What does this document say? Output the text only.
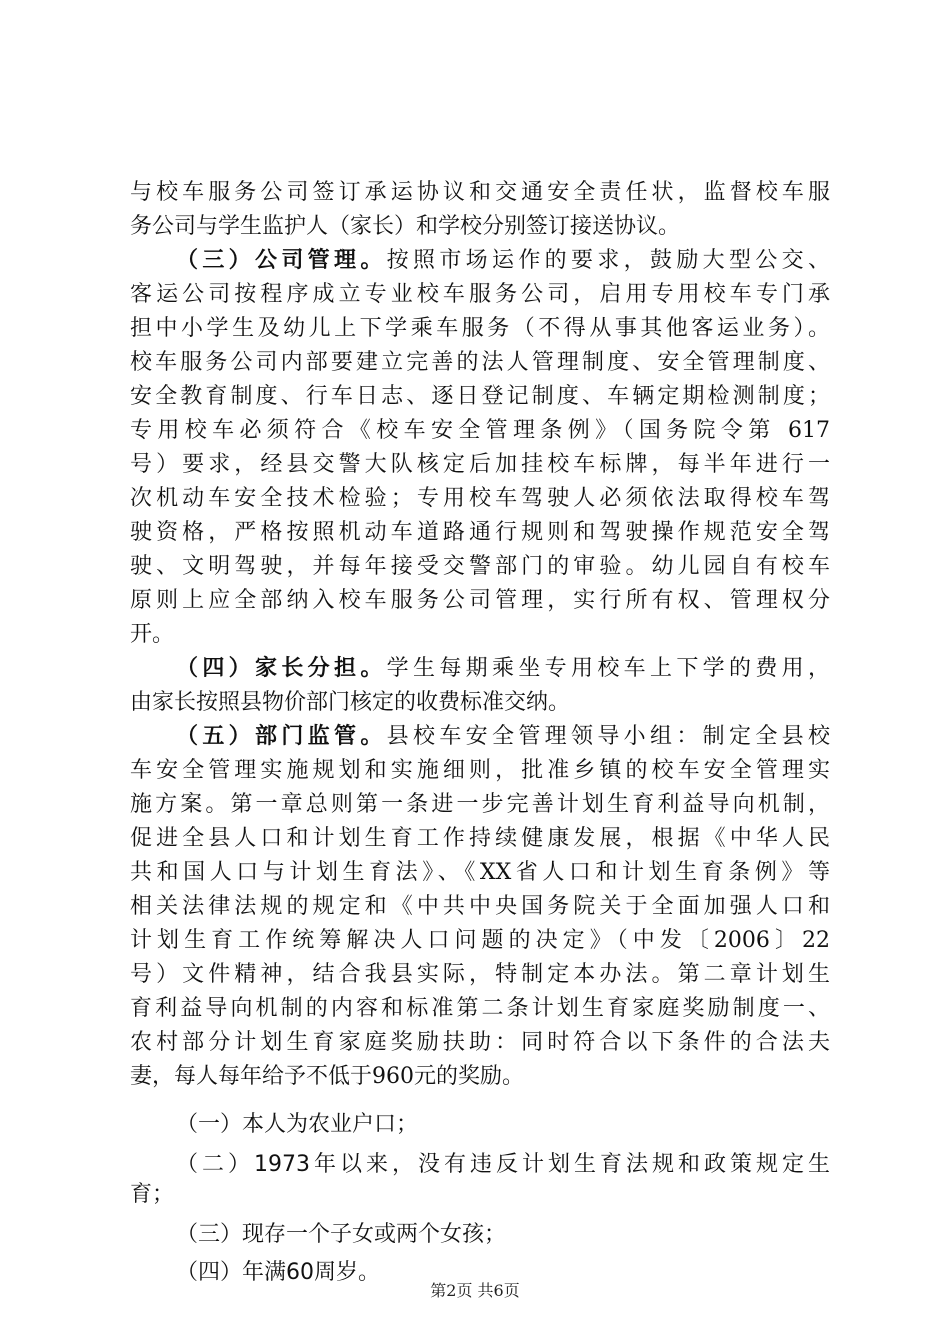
与校车服务公司签订承运协议和交通安全责任状，监督校车服
务公司与学生监护人（家长）和学校分别签订接送协议。
（三）公司管理。按照市场运作的要求，鼓励大型公交、
客运公司按程序成立专业校车服务公司，启用专用校车专门承
担中小学生及幼儿上下学乘车服务（不得从事其他客运业务）。
校车服务公司内部要建立完善的法人管理制度、安全管理制度、
安全教育制度、行车日志、逐日登记制度、车辆定期检测制度；
专用校车必须符合《校车安全管理条例》（国务院令第 617
号）要求，经县交警大队核定后加挂校车标牌，每半年进行一
次机动车安全技术检验；专用校车驾驶人必须依法取得校车驾
驶资格，严格按照机动车道路通行规则和驾驶操作规范安全驾
驶、文明驾驶，并每年接受交警部门的审验。幼儿园自有校车
原则上应全部纳入校车服务公司管理，实行所有权、管理权分
开。
（四）家长分担。学生每期乘坐专用校车上下学的费用，
由家长按照县物价部门核定的收费标准交纳。
（五）部门监管。县校车安全管理领导小组：制定全县校
车安全管理实施规划和实施细则，批准乡镇的校车安全管理实
施方案。第一章总则第一条进一步完善计划生育利益导向机制，
促进全县人口和计划生育工作持续健康发展，根据《中华人民
共和国人口与计划生育法》、《XX省人口和计划生育条例》等
相关法律法规的规定和《中共中央国务院关于全面加强人口和
计划生育工作统筹解决人口问题的决定》（中发〔2006〕22
号）文件精神，结合我县实际，特制定本办法。第二章计划生
育利益导向机制的内容和标准第二条计划生育家庭奖励制度一、
农村部分计划生育家庭奖励扶助：同时符合以下条件的合法夫
妻，每人每年给予不低于960元的奖励。
（一）本人为农业户口；
（二）1973年以来，没有违反计划生育法规和政策规定生
育；
（三）现存一个子女或两个女孩；
第2页 共6页
（四）年满60周岁。
